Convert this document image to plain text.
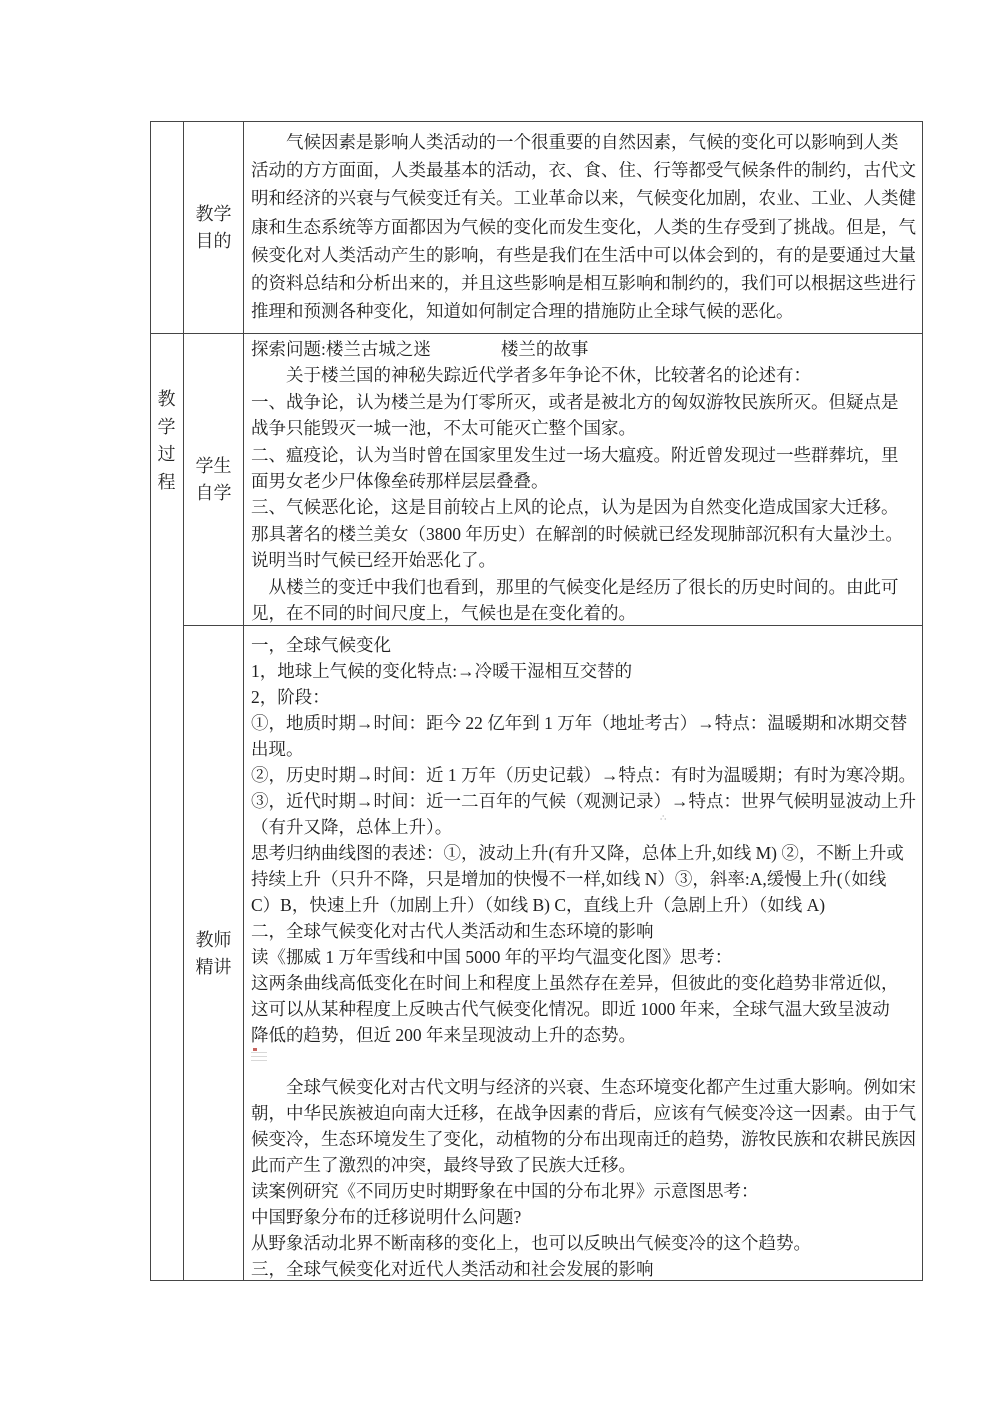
教
学
过
程
教学
目的
学生
自学
教师
精讲
　　气候因素是影响人类活动的一个很重要的自然因素，气候的变化可以影响到人类
活动的方方面面，人类最基本的活动，衣、食、住、行等都受气候条件的制约，古代文
明和经济的兴衰与气候变迁有关。工业革命以来，气候变化加剧，农业、工业、人类健
康和生态系统等方面都因为气候的变化而发生变化，人类的生存受到了挑战。但是，气
候变化对人类活动产生的影响，有些是我们在生活中可以体会到的，有的是要通过大量
的资料总结和分析出来的，并且这些影响是相互影响和制约的，我们可以根据这些进行
推理和预测各种变化，知道如何制定合理的措施防止全球气候的恶化。
探索问题:楼兰古城之迷　　　　楼兰的故事
　　关于楼兰国的神秘失踪近代学者多年争论不休，比较著名的论述有：
一、战争论，认为楼兰是为仃零所灭，或者是被北方的匈奴游牧民族所灭。但疑点是
战争只能毁灭一城一池，不太可能灭亡整个国家。
二、瘟疫论，认为当时曾在国家里发生过一场大瘟疫。附近曾发现过一些群葬坑，里
面男女老少尸体像垒砖那样层层叠叠。
三、气候恶化论，这是目前较占上风的论点，认为是因为自然变化造成国家大迁移。
那具著名的楼兰美女（3800 年历史）在解剖的时候就已经发现肺部沉积有大量沙土。
说明当时气候已经开始恶化了。
　从楼兰的变迁中我们也看到，那里的气候变化是经历了很长的历史时间的。由此可
见，在不同的时间尺度上，气候也是在变化着的。
一，全球气候变化
1，地球上气候的变化特点:→冷暖干湿相互交替的
2，阶段：
①，地质时期→时间：距今 22 亿年到 1 万年（地址考古）→特点：温暖期和冰期交替
出现。
②，历史时期→时间：近 1 万年（历史记载）→特点：有时为温暖期；有时为寒冷期。
③，近代时期→时间：近一二百年的气候（观测记录）→特点：世界气候明显波动上升
（有升又降，总体上升）。
思考归纳曲线图的表述：①，波动上升(有升又降，总体上升,如线 M) ②，不断上升或
持续上升（只升不降，只是增加的快慢不一样,如线 N）③，斜率:A,缓慢上升(（如线
C）B，快速上升（加剧上升）（如线 B) C，直线上升（急剧上升）（如线 A)
二，全球气候变化对古代人类活动和生态环境的影响
读《挪威 1 万年雪线和中国 5000 年的平均气温变化图》思考：
这两条曲线高低变化在时间上和程度上虽然存在差异，但彼此的变化趋势非常近似，
这可以从某种程度上反映古代气候变化情况。即近 1000 年来，全球气温大致呈波动
降低的趋势，但近 200 年来呈现波动上升的态势。

　　全球气候变化对古代文明与经济的兴衰、生态环境变化都产生过重大影响。例如宋
朝，中华民族被迫向南大迁移，在战争因素的背后，应该有气候变冷这一因素。由于气
候变冷，生态环境发生了变化，动植物的分布出现南迁的趋势，游牧民族和农耕民族因
此而产生了激烈的冲突，最终导致了民族大迁移。
读案例研究《不同历史时期野象在中国的分布北界》示意图思考：
中国野象分布的迁移说明什么问题?
从野象活动北界不断南移的变化上，也可以反映出气候变冷的这个趋势。
三，全球气候变化对近代人类活动和社会发展的影响
∴
